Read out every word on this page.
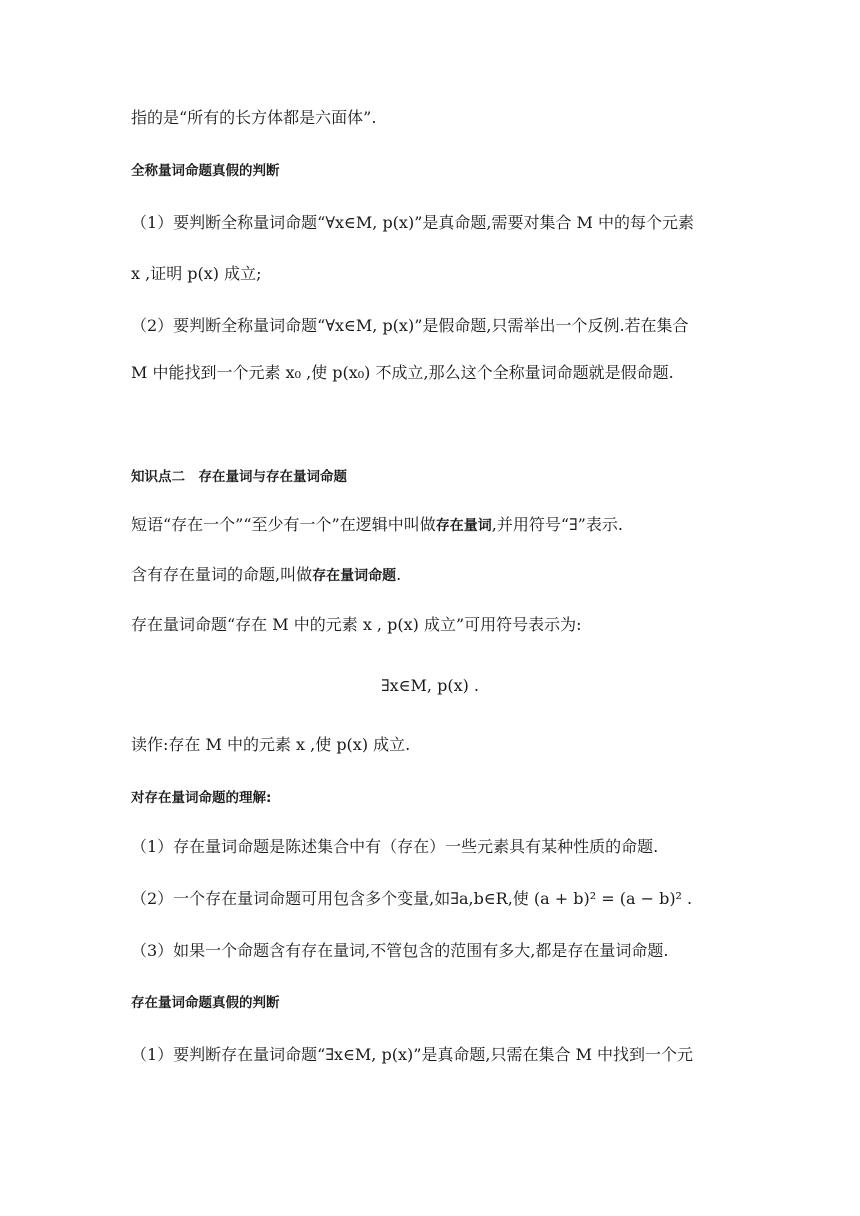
指的是“所有的长方体都是六面体”.
全称量词命题真假的判断
（1）要判断全称量词命题“∀x∈M, p(x)”是真命题,需要对集合 M 中的每个元素
x ,证明 p(x) 成立;
（2）要判断全称量词命题“∀x∈M, p(x)”是假命题,只需举出一个反例.若在集合
M 中能找到一个元素 x₀ ,使 p(x₀) 不成立,那么这个全称量词命题就是假命题.
知识点二　存在量词与存在量词命题
短语“存在一个”“至少有一个”在逻辑中叫做存在量词,并用符号“∃”表示.
含有存在量词的命题,叫做存在量词命题.
存在量词命题“存在 M 中的元素 x , p(x) 成立”可用符号表示为:
∃x∈M, p(x) .
读作:存在 M 中的元素 x ,使 p(x) 成立.
对存在量词命题的理解:
（1）存在量词命题是陈述集合中有（存在）一些元素具有某种性质的命题.
（2）一个存在量词命题可用包含多个变量,如∃a,b∈R,使 (a + b)² = (a − b)² .
（3）如果一个命题含有存在量词,不管包含的范围有多大,都是存在量词命题.
存在量词命题真假的判断
（1）要判断存在量词命题“∃x∈M, p(x)”是真命题,只需在集合 M 中找到一个元
